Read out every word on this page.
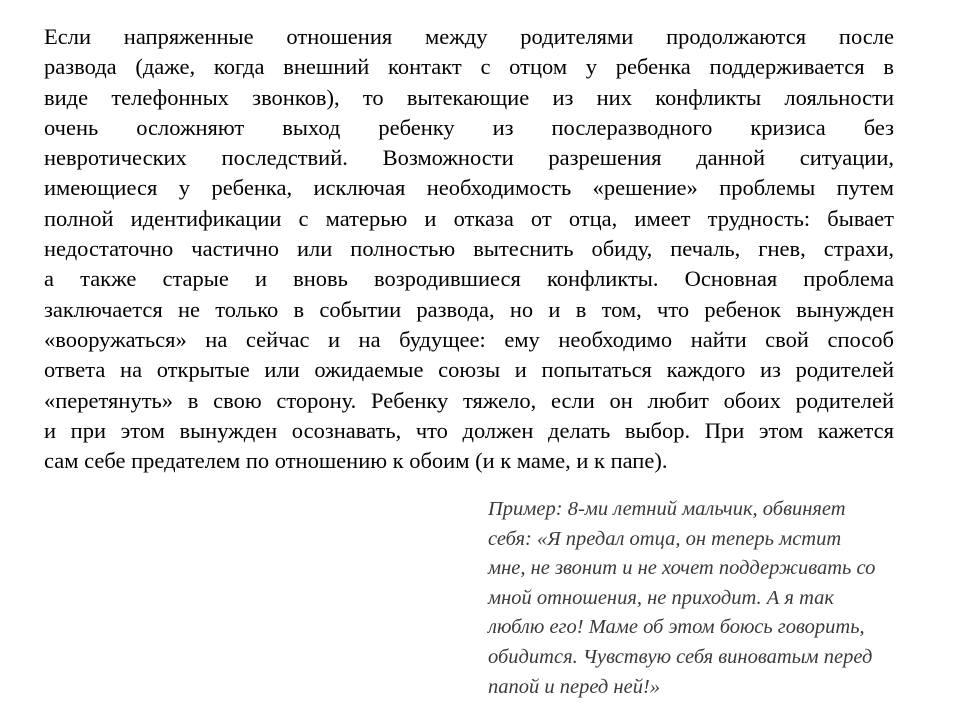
Если напряженные отношения между родителями продолжаются после
развода (даже, когда внешний контакт с отцом у ребенка поддерживается в
виде телефонных звонков), то вытекающие из них конфликты лояльности
очень осложняют выход ребенку из послеразводного кризиса без
невротических последствий. Возможности разрешения данной ситуации,
имеющиеся у ребенка, исключая необходимость «решение» проблемы путем
полной идентификации с матерью и отказа от отца, имеет трудность: бывает
недостаточно частично или полностью вытеснить обиду, печаль, гнев, страхи,
а также старые и вновь возродившиеся конфликты. Основная проблема
заключается не только в событии развода, но и в том, что ребенок вынужден
«вооружаться» на сейчас и на будущее: ему необходимо найти свой способ
ответа на открытые или ожидаемые союзы и попытаться каждого из родителей
«перетянуть» в свою сторону. Ребенку тяжело, если он любит обоих родителей
и при этом вынужден осознавать, что должен делать выбор. При этом кажется
сам себе предателем по отношению к обоим (и к маме, и к папе).
Пример: 8-ми летний мальчик, обвиняет
себя: «Я предал отца, он теперь мстит
мне, не звонит и не хочет поддерживать со
мной отношения, не приходит. А я так
люблю его! Маме об этом боюсь говорить,
обидится. Чувствую себя виноватым перед
папой и перед ней!»
